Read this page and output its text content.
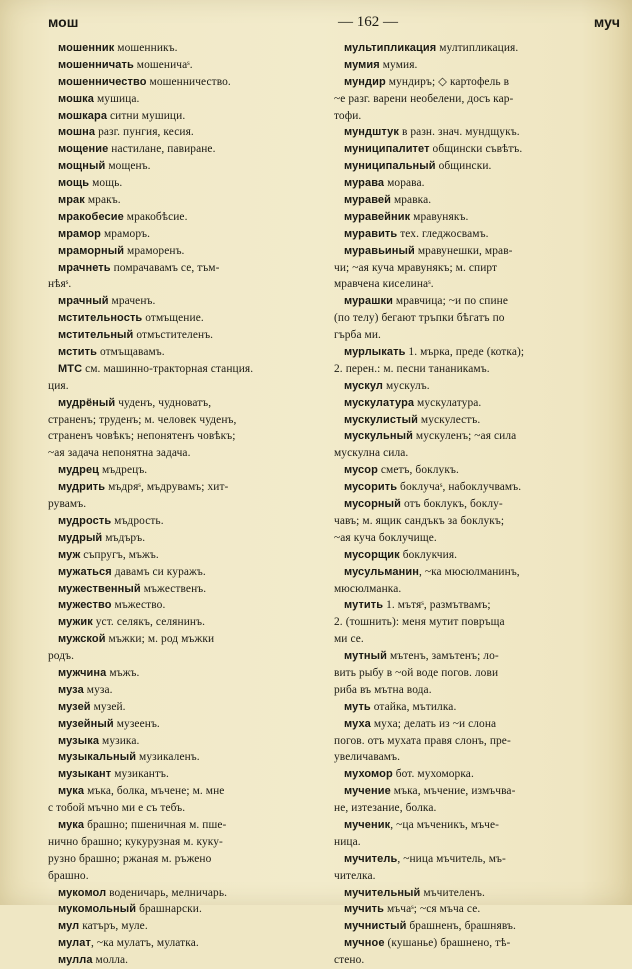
мош	— 162 —	муч
мошенник мошенникъ.
мошенничать мошеничаˢ.
мошенничество мошенничество.
мошка мушица.
мошкара ситни мушици.
мошна разг. пунгия, кесия.
мощение настилане, павиране.
мощный мощенъ.
мощь мощь.
мрак мракъ.
мракобесие мракобѣсие.
мрамор мраморъ.
мраморный мраморенъ.
мрачнеть помрачавамъ се, тъм-
нѣяˢ.
мрачный мраченъ.
мстительность отмъщение.
мстительный отмъстителенъ.
мстить отмъщавамъ.
МТС см. машинно-тракторная станция.
ция.
мудрёный чуденъ, чудноватъ,
страненъ; труденъ; м. человек чуденъ,
страненъ човѣкъ; непонятенъ човѣкъ;
~ая задача непонятна задача.
мудрец мъдрецъ.
мудрить мъдряˢ, мъдрувамъ; хит-
рувамъ.
мудрость мъдрость.
мудрый мъдъръ.
муж съпругъ, мъжъ.
мужаться давамъ си куражъ.
мужественный мъжественъ.
мужество мъжество.
мужик уст. селякъ, селянинъ.
мужской мъжки; м. род мъжки
родъ.
мужчина мъжъ.
муза муза.
музей музей.
музейный музеенъ.
музыка музика.
музыкальный музикаленъ.
музыкант музикантъ.
мука мъка, болка, мъчене; м. мне
с тобой мъчно ми е съ тебъ.
мука брашно; пшеничная м. пше-
нично брашно; кукурузная м. куку-
рузно брашно; ржаная м. ръжено
брашно.
мукомол воденичарь, мелничарь.
мукомольный брашнарски.
мул катъръ, муле.
мулат, ~ка мулатъ, мулатка.
мулла молла.
мультипликация мултипликация.
мумия мумия.
мундир мундиръ; ◇ картофель в
~е разг. варени необелени, доcъ кар-
тофи.
мундштук в разн. знач. мундщукъ.
муниципалитет общински съвѣтъ.
муниципальный общински.
мурава морава.
муравей мравка.
муравейник мравунякъ.
муравить тех. гледжосвамъ.
муравьиный мравунешки, мрав-
чи; ~ая куча мравунякъ; м. спирт
мравчена киселинаˢ.
мурашки мравчица; ~и по спине
(по телу) бегают тръпки бѣгатъ по
гърба ми.
мурлыкать 1. мърка, преде (котка);
2. перен.: м. песни тананикамъ.
мускул мускулъ.
мускулатура мускулатура.
мускулистый мускулестъ.
мускульный мускуленъ; ~ая сила
мускулна сила.
мусор сметъ, боклукъ.
мусорить боклучаˢ, набоклучвамъ.
мусорный отъ боклукъ, боклу-
чавъ; м. ящик сандъкъ за боклукъ;
~ая куча боклучище.
мусорщик боклукчия.
мусульманин, ~ка мюсюлманинъ,
мюсюлманка.
мутить 1. мътяˢ, размътвамъ;
2. (тошнить): меня мутит повръща
ми се.
мутный мътенъ, замътенъ; ло-
вить рыбу в ~ой воде погов. лови
риба въ мътна вода.
муть отайка, мътилка.
муха муха; делать из ~и слона
погов. отъ мухата правя слонъ, пре-
увеличавамъ.
мухомор бот. мухоморка.
мучение мъка, мъчение, измъчва-
не, изтезание, болка.
мученик, ~ца мъченикъ, мъче-
ница.
мучитель, ~ница мъчитель, мъ-
чителка.
мучительный мъчителенъ.
мучить мъчаˢ; ~ся мъча се.
мучнистый брашненъ, брашнявъ.
мучное (кушанье) брашнено, тѣ-
стено.
